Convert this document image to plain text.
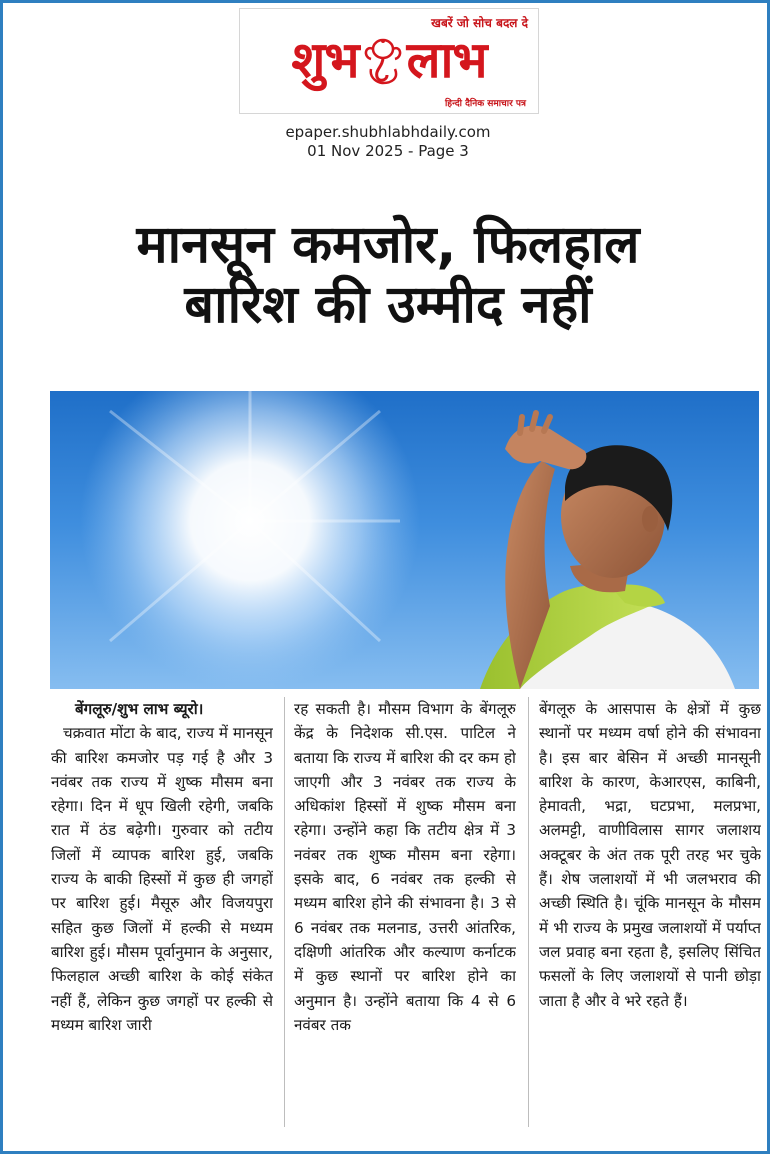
खबरें जो सोच बदल दे
शुभ लाभ
हिन्दी दैनिक समाचार पत्र
epaper.shubhlabhdaily.com
01 Nov 2025 - Page 3
मानसून कमजोर, फिलहाल
बारिश की उम्मीद नहीं
बेंगलूरु/शुभ लाभ ब्यूरो।
चक्रवात मोंटा के बाद, राज्य में मानसून की बारिश कमजोर पड़ गई है और 3 नवंबर तक राज्य में शुष्क मौसम बना रहेगा। दिन में धूप खिली रहेगी, जबकि रात में ठंड बढ़ेगी। गुरुवार को तटीय जिलों में व्यापक बारिश हुई, जबकि राज्य के बाकी हिस्सों में कुछ ही जगहों पर बारिश हुई। मैसूरु और विजयपुरा सहित कुछ जिलों में हल्की से मध्यम बारिश हुई। मौसम पूर्वानुमान के अनुसार, फिलहाल अच्छी बारिश के कोई संकेत नहीं हैं, लेकिन कुछ जगहों पर हल्की से मध्यम बारिश जारी
रह सकती है। मौसम विभाग के बेंगलूरु केंद्र के निदेशक सी.एस. पाटिल ने बताया कि राज्य में बारिश की दर कम हो जाएगी और 3 नवंबर तक राज्य के अधिकांश हिस्सों में शुष्क मौसम बना रहेगा। उन्होंने कहा कि तटीय क्षेत्र में 3 नवंबर तक शुष्क मौसम बना रहेगा। इसके बाद, 6 नवंबर तक हल्की से मध्यम बारिश होने की संभावना है। 3 से 6 नवंबर तक मलनाड, उत्तरी आंतरिक, दक्षिणी आंतरिक और कल्याण कर्नाटक में कुछ स्थानों पर बारिश होने का अनुमान है। उन्होंने बताया कि 4 से 6 नवंबर तक
बेंगलूरु के आसपास के क्षेत्रों में कुछ स्थानों पर मध्यम वर्षा होने की संभावना है। इस बार बेसिन में अच्छी मानसूनी बारिश के कारण, केआरएस, काबिनी, हेमावती, भद्रा, घटप्रभा, मलप्रभा, अलमट्टी, वाणीविलास सागर जलाशय अक्टूबर के अंत तक पूरी तरह भर चुके हैं। शेष जलाशयों में भी जलभराव की अच्छी स्थिति है। चूंकि मानसून के मौसम में भी राज्य के प्रमुख जलाशयों में पर्याप्त जल प्रवाह बना रहता है, इसलिए सिंचित फसलों के लिए जलाशयों से पानी छोड़ा जाता है और वे भरे रहते हैं।
